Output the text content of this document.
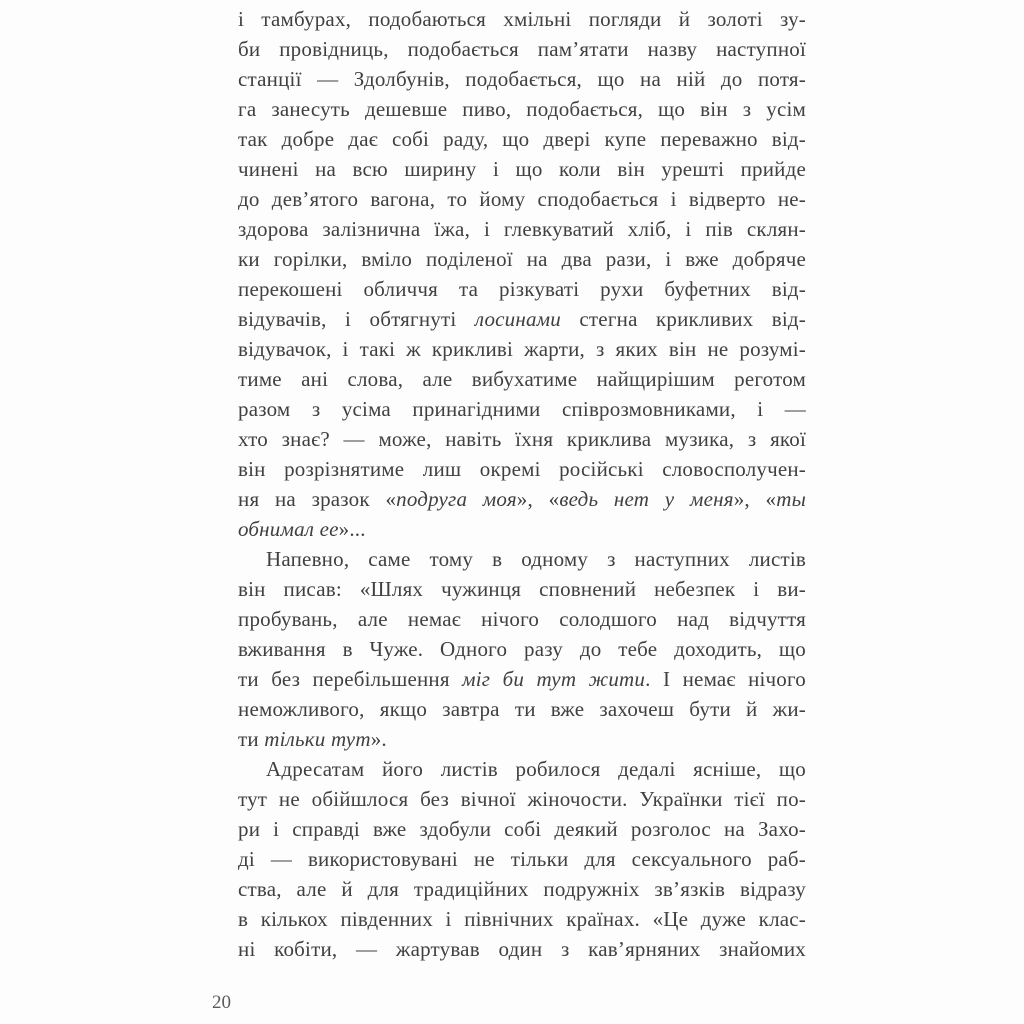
і тамбурах, подобаються хмільні погляди й золоті зу-
би провідниць, подобається пам’ятати назву наступної
станції — Здолбунів, подобається, що на ній до потя-
га занесуть дешевше пиво, подобається, що він з усім
так добре дає собі раду, що двері купе переважно від-
чинені на всю ширину і що коли він урешті прийде
до дев’ятого вагона, то йому сподобається і відверто не-
здорова залізнична їжа, і глевкуватий хліб, і пів склян-
ки горілки, вміло поділеної на два рази, і вже добряче
перекошені обличчя та різкуваті рухи буфетних від-
відувачів, і обтягнуті лосинами стегна крикливих від-
відувачок, і такі ж крикливі жарти, з яких він не розумі-
тиме ані слова, але вибухатиме найщирішим реготом
разом з усіма принагідними співрозмовниками, і —
хто знає? — може, навіть їхня криклива музика, з якої
він розрізнятиме лиш окремі російські словосполучен-
ня на зразок «подруга моя», «ведь нет у меня», «ты
обнимал ее»...
Напевно, саме тому в одному з наступних листів
він писав: «Шлях чужинця сповнений небезпек і ви-
пробувань, але немає нічого солодшого над відчуття
вживання в Чуже. Одного разу до тебе доходить, що
ти без перебільшення міг би тут жити. І немає нічого
неможливого, якщо завтра ти вже захочеш бути й жи-
ти тільки тут».
Адресатам його листів робилося дедалі ясніше, що
тут не обійшлося без вічної жіночости. Українки тієї по-
ри і справді вже здобули собі деякий розголос на Захо-
ді — використовувані не тільки для сексуального раб-
ства, але й для традиційних подружніх зв’язків відразу
в кількох південних і північних країнах. «Це дуже клас-
ні кобіти, — жартував один з кав’ярняних знайомих
20
